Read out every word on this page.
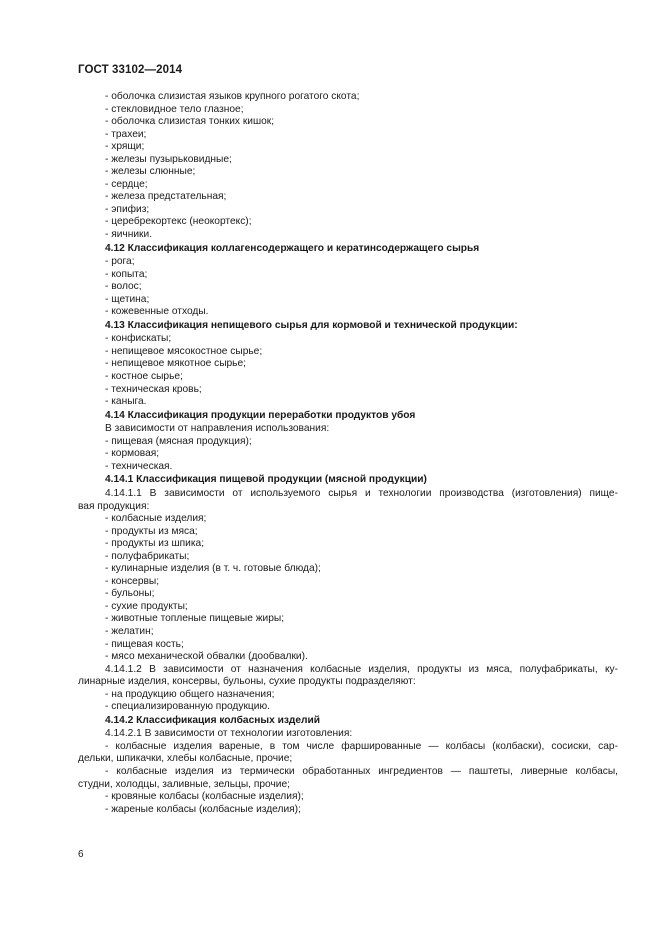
ГОСТ 33102—2014
- оболочка слизистая языков крупного рогатого скота;
- стекловидное тело глазное;
- оболочка слизистая тонких кишок;
- трахеи;
- хрящи;
- железы пузырьковидные;
- железы слюнные;
- сердце;
- железа предстательная;
- эпифиз;
- церебрекортекс (неокортекс);
- яичники.
4.12 Классификация коллагенсодержащего и кератинсодержащего сырья
- рога;
- копыта;
- волос;
- щетина;
- кожевенные отходы.
4.13 Классификация непищевого сырья для кормовой и технической продукции:
- конфискаты;
- непищевое мясокостное сырье;
- непищевое мякотное сырье;
- костное сырье;
- техническая кровь;
- каныга.
4.14 Классификация продукции переработки продуктов убоя
В зависимости от направления использования:
- пищевая (мясная продукция);
- кормовая;
- техническая.
4.14.1 Классификация пищевой продукции (мясной продукции)
4.14.1.1 В зависимости от используемого сырья и технологии производства (изготовления) пище-
вая продукция:
- колбасные изделия;
- продукты из мяса;
- продукты из шпика;
- полуфабрикаты;
- кулинарные изделия (в т. ч. готовые блюда);
- консервы;
- бульоны;
- сухие продукты;
- животные топленые пищевые жиры;
- желатин;
- пищевая кость;
- мясо механической обвалки (дообвалки).
4.14.1.2 В зависимости от назначения колбасные изделия, продукты из мяса, полуфабрикаты, ку-
линарные изделия, консервы, бульоны, сухие продукты подразделяют:
- на продукцию общего назначения;
- специализированную продукцию.
4.14.2 Классификация колбасных изделий
4.14.2.1 В зависимости от технологии изготовления:
- колбасные изделия вареные, в том числе фаршированные — колбасы (колбаски), сосиски, сар-
дельки, шпикачки, хлебы колбасные, прочие;
- колбасные изделия из термически обработанных ингредиентов — паштеты, ливерные колбасы,
студни, холодцы, заливные, зельцы, прочие;
- кровяные колбасы (колбасные изделия);
- жареные колбасы (колбасные изделия);
6
